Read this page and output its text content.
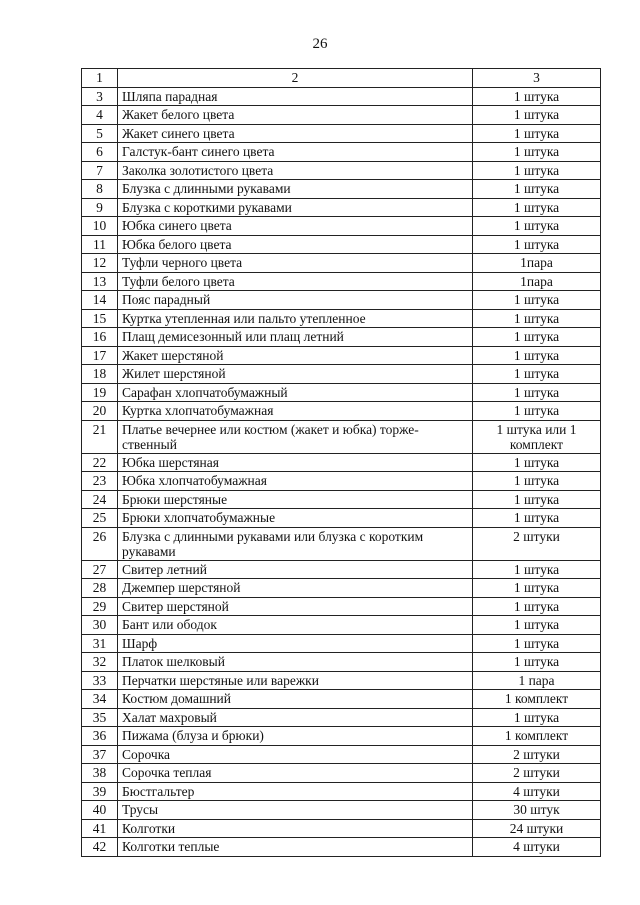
26
1	2	3
3	Шляпа парадная	1 штука
4	Жакет белого цвета	1 штука
5	Жакет синего цвета	1 штука
6	Галстук-бант синего цвета	1 штука
7	Заколка золотистого цвета	1 штука
8	Блузка с длинными рукавами	1 штука
9	Блузка с короткими рукавами	1 штука
10	Юбка синего цвета	1 штука
11	Юбка белого цвета	1 штука
12	Туфли черного цвета	1пара
13	Туфли белого цвета	1пара
14	Пояс парадный	1 штука
15	Куртка утепленная или пальто утепленное	1 штука
16	Плащ демисезонный или плащ летний	1 штука
17	Жакет шерстяной	1 штука
18	Жилет шерстяной	1 штука
19	Сарафан хлопчатобумажный	1 штука
20	Куртка хлопчатобумажная	1 штука
21	Платье вечернее или костюм (жакет и юбка) торже-ственный	1 штука или 1 комплект
22	Юбка шерстяная	1 штука
23	Юбка хлопчатобумажная	1 штука
24	Брюки шерстяные	1 штука
25	Брюки хлопчатобумажные	1 штука
26	Блузка с длинными рукавами или блузка с коротким рукавами	2 штуки
27	Свитер летний	1 штука
28	Джемпер шерстяной	1 штука
29	Свитер шерстяной	1 штука
30	Бант или ободок	1 штука
31	Шарф	1 штука
32	Платок шелковый	1 штука
33	Перчатки шерстяные или варежки	1 пара
34	Костюм домашний	1 комплект
35	Халат махровый	1 штука
36	Пижама (блуза и брюки)	1 комплект
37	Сорочка	2 штуки
38	Сорочка теплая	2 штуки
39	Бюстгальтер	4 штуки
40	Трусы	30 штук
41	Колготки	24 штуки
42	Колготки теплые	4 штуки
